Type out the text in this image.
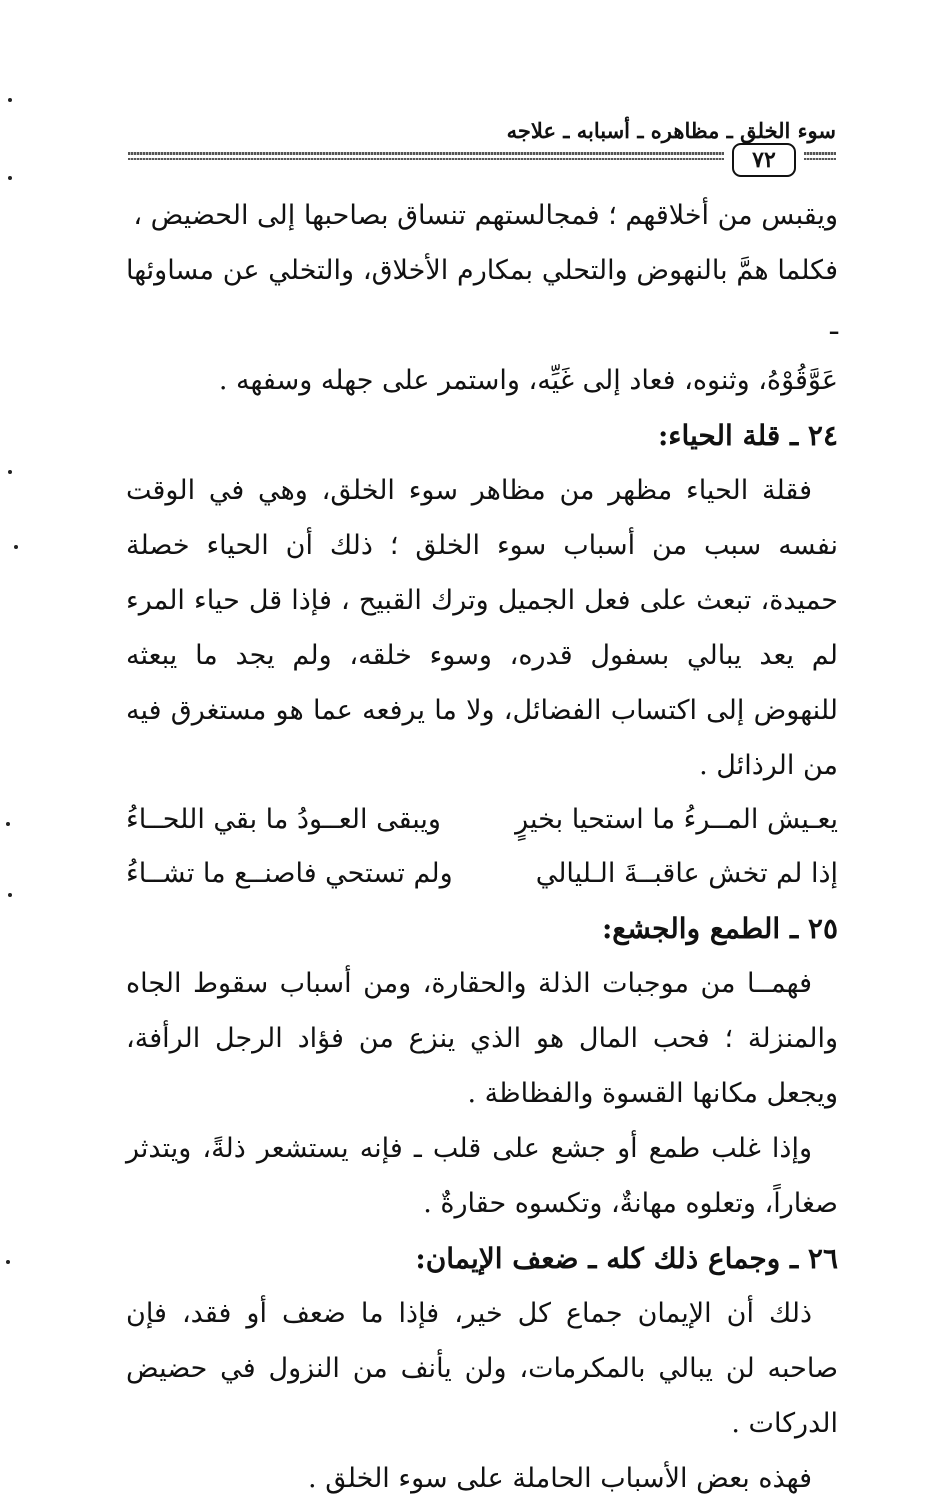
سوء الخلق ـ مظاهره ـ أسبابه ـ علاجه
٧٢

ويقبس من أخلاقهم ؛ فمجالستهم تنساق بصاحبها إلى الحضيض ،

فكلما همَّ بالنهوض والتحلي بمكارم الأخلاق، والتخلي عن مساوئها ـ

عَوَّقُوْهُ، وثنوه، فعاد إلى غَيِّه، واستمر على جهله وسفهه .

٢٤ ـ قلة الحياء:

فقلة الحياء مظهر من مظاهر سوء الخلق، وهي في الوقت نفسه سبب من أسباب سوء الخلق ؛ ذلك أن الحياء خصلة حميدة، تبعث على فعل الجميل وترك القبيح ، فإذا قل حياء المرء لم يعد يبالي بسفول قدره، وسوء خلقه، ولم يجد ما يبعثه للنهوض إلى اكتساب الفضائل، ولا ما يرفعه عما هو مستغرق فيه من الرذائل .

يعـيش المــرءُ ما استحيا بخيرٍ
ويبقى العــودُ ما بقي اللحــاءُ
إذا لم تخش عاقبــةَ الـليالي
ولم تستحي فاصنــع ما تشــاءُ

٢٥ ـ الطمع والجشع:

فهمــا من موجبات الذلة والحقارة، ومن أسباب سقوط الجاه والمنزلة ؛ فحب المال هو الذي ينزع من فؤاد الرجل الرأفة، ويجعل مكانها القسوة والفظاظة .

وإذا غلب طمع أو جشع على قلب ـ فإنه يستشعر ذلةً، ويتدثر صغاراً، وتعلوه مهانةٌ، وتكسوه حقارةٌ .

٢٦ ـ وجماع ذلك كله ـ ضعف الإيمان:

ذلك أن الإيمان جماع كل خير، فإذا ما ضعف أو فقد، فإن صاحبه لن يبالي بالمكرمات، ولن يأنف من النزول في حضيض الدركات .

فهذه بعض الأسباب الحاملة على سوء الخلق .
